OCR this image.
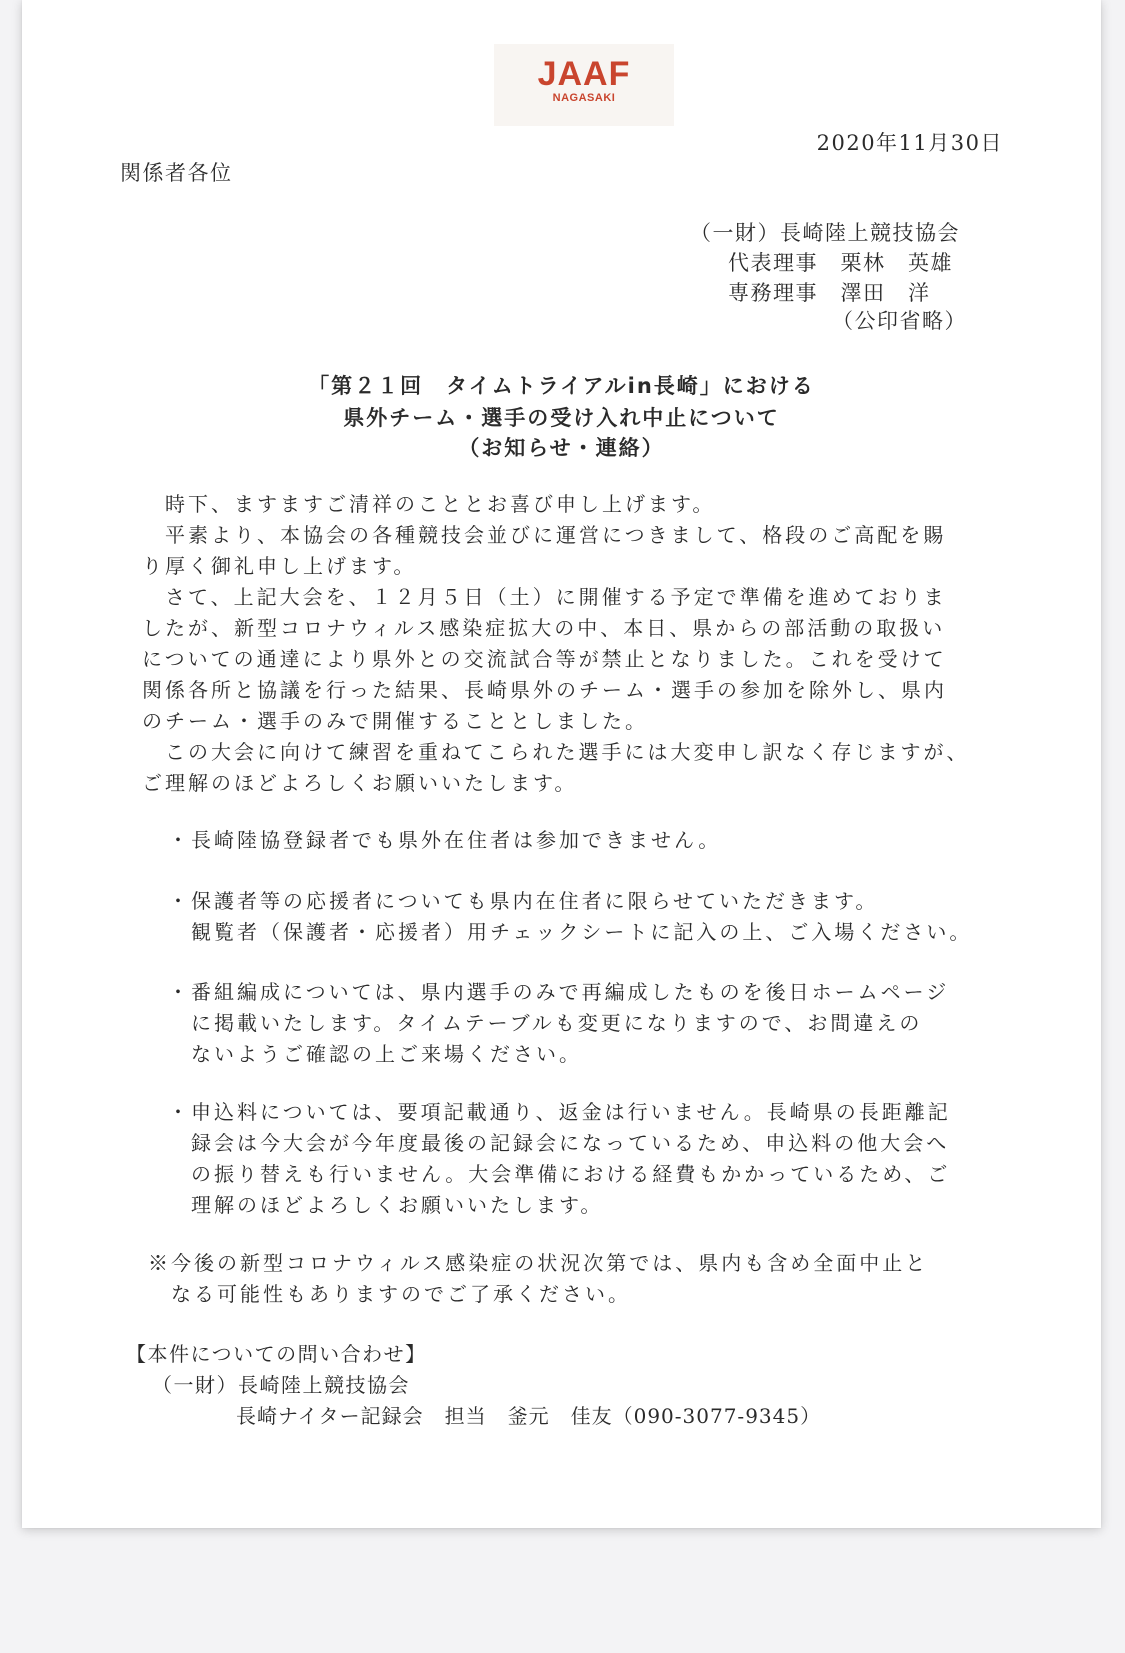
JAAF
NAGASAKI
2020年11月30日
関係者各位
（一財）長崎陸上競技協会
代表理事　栗林　英雄
専務理事　澤田　洋
（公印省略）
「第２１回　タイムトライアルin長崎」における
県外チーム・選手の受け入れ中止について
（お知らせ・連絡）
　時下、ますますご清祥のこととお喜び申し上げます。
　平素より、本協会の各種競技会並びに運営につきまして、格段のご高配を賜
り厚く御礼申し上げます。
　さて、上記大会を、１２月５日（土）に開催する予定で準備を進めておりま
したが、新型コロナウィルス感染症拡大の中、本日、県からの部活動の取扱い
についての通達により県外との交流試合等が禁止となりました。これを受けて
関係各所と協議を行った結果、長崎県外のチーム・選手の参加を除外し、県内
のチーム・選手のみで開催することとしました。
　この大会に向けて練習を重ねてこられた選手には大変申し訳なく存じますが、
ご理解のほどよろしくお願いいたします。
・長崎陸協登録者でも県外在住者は参加できません。
・保護者等の応援者についても県内在住者に限らせていただきます。
　観覧者（保護者・応援者）用チェックシートに記入の上、ご入場ください。
・番組編成については、県内選手のみで再編成したものを後日ホームページ
　に掲載いたします。タイムテーブルも変更になりますので、お間違えの
　ないようご確認の上ご来場ください。
・申込料については、要項記載通り、返金は行いません。長崎県の長距離記
　録会は今大会が今年度最後の記録会になっているため、申込料の他大会へ
　の振り替えも行いません。大会準備における経費もかかっているため、ご
　理解のほどよろしくお願いいたします。
※今後の新型コロナウィルス感染症の状況次第では、県内も含め全面中止と
　なる可能性もありますのでご了承ください。
【本件についての問い合わせ】
（一財）長崎陸上競技協会
長崎ナイター記録会　担当　釜元　佳友（090-3077-9345）
